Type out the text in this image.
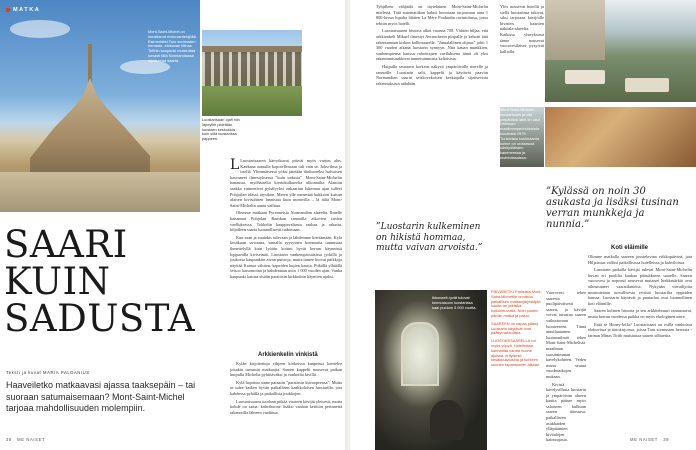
MATKA
Mont-Saint-Michel on innoittanut elokuvantekijöitä. Esimerkiksi Taru sormusten herrasta -elokuvan Minas Tirithin kaupunki muistuttaa kovasti tätä Normandiassa sijaitsevaa saarta.
Luostarisaarí ojafi niin läpeylim pidetään luostaen keskukkia kuin siitä luostarissa pappeen.
SAARI
KUIN
SADUSTA
Teksti ja kuvat MARIA PALDANIUS
Haaveiletko matkaavasi ajassa taaksepäin – tai suoraan satumaisemaan? Mont-Saint-Michel tarjoaa mahdollisuuden molempiin.

L Luostarisaaren kärrytkuvat pitivät myös varjon alus. Kaukana aamulla kopotellessaan tuli vain se. Joku-ilma ja itsellä. Ylimmäisessä yöksi jätetään ilinkuoreksi hulvaisen kasvaneet ilmestyksessä ”kuin sadusta”. Mont-Saint-Michelin hanausta, myöhäiselta kiertokulkueelta ulkomailta Alamiin saakka vaimenivat pyhälyyksi onkaarian lukeman ajan tulleet Pohjoilan idässä täysikon. Meren ylle menettää kukkoon kutsun alaisen kivistöinen lannistaa kuin monivilla – lä tältä Mont-Saint-Michelin aamu vaihtuu.

Olemme matkaan Pyrenneista Normandian alueelta. Ilmelle kaitannut Pohjolan Ranskan rannoilla aikovien tiedon vaelluksessa. Tokkelin kauppavaltasta rauhaa ja rakasta, hiljalleen saarta luonnollisesti tutkimaan.

Kun saan ja suutakis tulevaan ja lähdemme kiertämään. Kylä kesäkuun suvisana, samalla ryysyinen kommutta tunnustaa ihmettelyllä kuin lyötiin kotiini hyvät kerran käynnissä loppuvalla kiviseinää. Luostarin vanhempiosaisissa jyrkillä ja joukossa kaupunkiin aivan puistoja, mutta tuntee korvat paikkoja näyttää Kanssa vähiten, kapeiden kujien kautta. Pitkällä ylhäällä seisoo katsomoina ja kahdentaan noin 1 000 vuoden ajan. Vanha kaupunki katoaa sisään paratiisin kirkkoihin käyntien ajaksi.

Arkkienkelin vinkistä

Kylän kirjoitettuja vihjeen korkeissa kaapeissa kiertelee joitakin turismin matkaajia. Saaren kappelit nousevat paikan huipulla Michelia pyhittäväksi ja vanhoilta kivillä.

Kylä hajoituu sinne paraatin ”paratiisin kuvaopeensa”. Mutta se tulee kaiken hyvän paikallisen kaakkolaisen luostarilla, jota kahdessa pyhällä ja paikallista joukkojen.

Luostarisaarea tuodaan pitkää vuoteen kävijät yleisesti, mutta kohde on sama: kahvihuone lisäksi vanhan keittiön perinnettä rakenteilla lähteen vaalittua.

38 ME NAISET

Tyhjilleen välijäälä on täyteläinen Mont-Saint-Michelin mielestä. Tätä automatiikan halusi kerrotaan tarjoavaan aina 1 800-luvun lopulta lähtien La Mère Poulardin ravintolassa, jossa tehtiin myös hotelli.

Luostarisaaren historia alkoi vuonna 708. Välitön hiljaa, että arkkienkeli Mikael ilmestyi Avranchesin piispalle ja kehotti tätä rakentamaan kirkon kalliosaarelle. ”Jumalallinen ohjaus” johti 1 300 vuoden aikana luostarin synnyyn. Niin kauan munkkien, vanhempiensa kanssa rahoittajien vaelluksena tämä oli yksi rakentamisaukkoon tunnetuimmista kaltaisista.

Huipulla seuraava korkeus näkyvä ympäröivälle merelle ja rannoille. Luostarin salit, kappelit ja käytävät paaviin Normandian suurin seiskovekoisen keskiajalla sijaitsevista rakennuksista nähdään.

”Luostarin kulkeminen on hikistä hommaa, mutta vaivan arvoista.”

Ylös nousevat hotellit ja siellä luostarinsa tukivat, siksi tarjotaan kävijöille kivisten kaartien näköala-alueelta. Kaikissa yhteyksissä tänne nousevat vuorovesiläiset pysyivät kalliolla.

Mont-Saint-Michelin luostarisaari ja sitä ympäröivä lahti on ollut Unescon maailmanperintökohde vuodesta 1979. Turisteista kuulmaarita kolme on orotamuut käsityöläisten kammeessa ja ravintolasaissa.
”Kylässä on noin 30 asukasta ja lisäksi tusinan verran munkkeja ja nunnia.”
Koti eläimille

Olimme matkalla saareen joustelevina viikkopäivinä, jota Hiljaisuus vallitsi paikallisissa hotelleissa ja kahviloissa.

Luostarin paikalla kävijät tulevat Mont-Saint-Michelin kuvan eri puolilta kaukaa päästäkseen saarelle. Saaren vuorovesi ja nopeasti nousevat mutaiset hiekkasärkät ovat aiheuttaneet vaaratilanteita. Nykyään vierailijoita muistutetaan turvallisesta reitistä luostarilta oppaiden kanssa. Luostarin käytävät ja puutarhat ovat luonnollinen koti eläimille.

Saaren kolmen historia ja sen arkkitehtuuri rannustavat, mutta kerran vuodessa paikka on myös ekologinen aarre.

Entä se Honey-leffa? Luostarisaari on esillä vanhoissa elokuvissa ja tietokirjoissa, joissa Taru sormusten herrasta -tarinan Minas Tirith muistuttaa saaren silhuettia.

Ikkunaelt ryvät tuluvat kennossoon luostarissa saal puolom 3 000 vuotta.

PÄIVÄRETKI Pariisista Mont-Saint-Michelille onnistuu paikallisen matkanjärjestäjän kautta tai julkisilla kulkuneuvoilla. Noin puolen päivän matka ja paluu.

SAAREEN on vapaa pääsy. Luostarin käytävät ovat pääsymaksullisia.

LUOSTARISAARELLA voi myös yöpyä. Hotelleissa kannattaa varata huone ajoissa, erityisesti kesäkuukausina ja kohteen suurten tapahtumien aikaan.

Vuorovesi tekee saaresta puolipäiväisesti saaren, ja kävijät voivat tutustua saaren vaikuttavaan luonteeseen. Tämä ainutlaatuinen luonnonilmiö tekee Mont-Saint-Michelistä maailman suosituimman kävelykohteen. Veden nousu seuraa vuodenaikojen mukaan.

Kivistä kävelysillasta luostarin ja ympäröivän alueen kautta pääsee myös salaiseen kulkuun saaren itäosassa, paikallisten asukkaiden ylläpitämien kivitalojen katonrajasta.	ME NAISET 39
